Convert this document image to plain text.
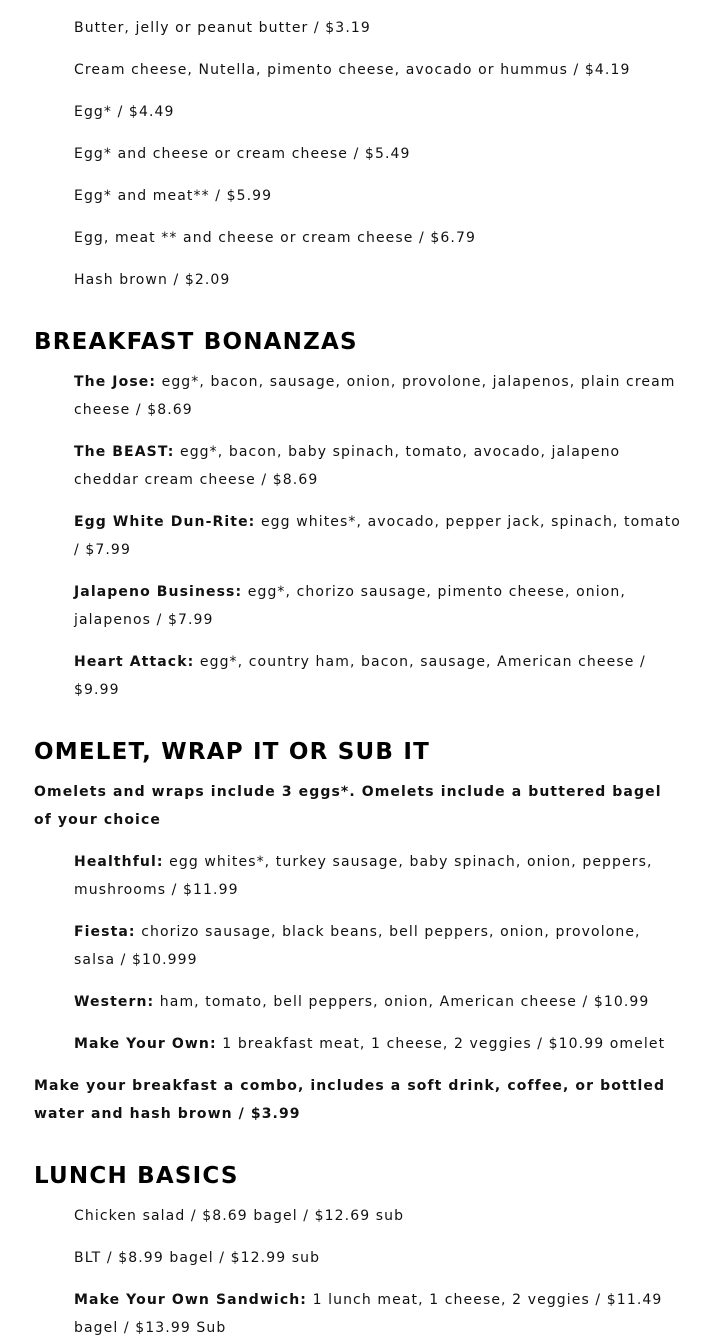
Butter, jelly or peanut butter / $3.19
Cream cheese, Nutella, pimento cheese, avocado or hummus / $4.19
Egg* / $4.49
Egg* and cheese or cream cheese / $5.49
Egg* and meat** / $5.99
Egg, meat ** and cheese or cream cheese / $6.79
Hash brown / $2.09
BREAKFAST BONANZAS
The Jose: egg*, bacon, sausage, onion, provolone, jalapenos, plain cream cheese / $8.69
The BEAST: egg*, bacon, baby spinach, tomato, avocado, jalapeno cheddar cream cheese / $8.69
Egg White Dun-Rite: egg whites*, avocado, pepper jack, spinach, tomato / $7.99
Jalapeno Business: egg*, chorizo sausage, pimento cheese, onion, jalapenos / $7.99
Heart Attack: egg*, country ham, bacon, sausage, American cheese / $9.99
OMELET, WRAP IT OR SUB IT
Omelets and wraps include 3 eggs*. Omelets include a buttered bagel of your choice
Healthful: egg whites*, turkey sausage, baby spinach, onion, peppers, mushrooms / $11.99
Fiesta: chorizo sausage, black beans, bell peppers, onion, provolone, salsa / $10.999
Western: ham, tomato, bell peppers, onion, American cheese / $10.99
Make Your Own: 1 breakfast meat, 1 cheese, 2 veggies / $10.99 omelet
Make your breakfast a combo, includes a soft drink, coffee, or bottled water and hash brown / $3.99
LUNCH BASICS
Chicken salad / $8.69 bagel / $12.69 sub
BLT / $8.99 bagel / $12.99 sub
Make Your Own Sandwich: 1 lunch meat, 1 cheese, 2 veggies / $11.49 bagel / $13.99 Sub
